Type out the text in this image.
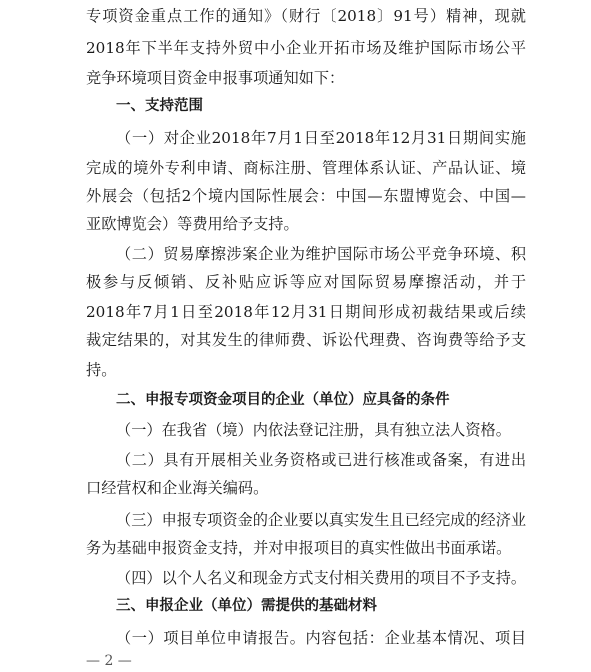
专项资金重点工作的通知》（财行〔2018〕91号）精神，现就
2018年下半年支持外贸中小企业开拓市场及维护国际市场公平
竞争环境项目资金申报事项通知如下：
一、支持范围
（一）对企业2018年7月1日至2018年12月31日期间实施
完成的境外专利申请、商标注册、管理体系认证、产品认证、境
外展会（包括2个境内国际性展会：中国—东盟博览会、中国—
亚欧博览会）等费用给予支持。
（二）贸易摩擦涉案企业为维护国际市场公平竞争环境、积
极参与反倾销、反补贴应诉等应对国际贸易摩擦活动，并于
2018年7月1日至2018年12月31日期间形成初裁结果或后续
裁定结果的，对其发生的律师费、诉讼代理费、咨询费等给予支
持。
二、申报专项资金项目的企业（单位）应具备的条件
（一）在我省（境）内依法登记注册，具有独立法人资格。
（二）具有开展相关业务资格或已进行核准或备案，有进出
口经营权和企业海关编码。
（三）申报专项资金的企业要以真实发生且已经完成的经济业
务为基础申报资金支持，并对申报项目的真实性做出书面承诺。
（四）以个人名义和现金方式支付相关费用的项目不予支持。
三、申报企业（单位）需提供的基础材料
（一）项目单位申请报告。内容包括：企业基本情况、项目
— 2 —
